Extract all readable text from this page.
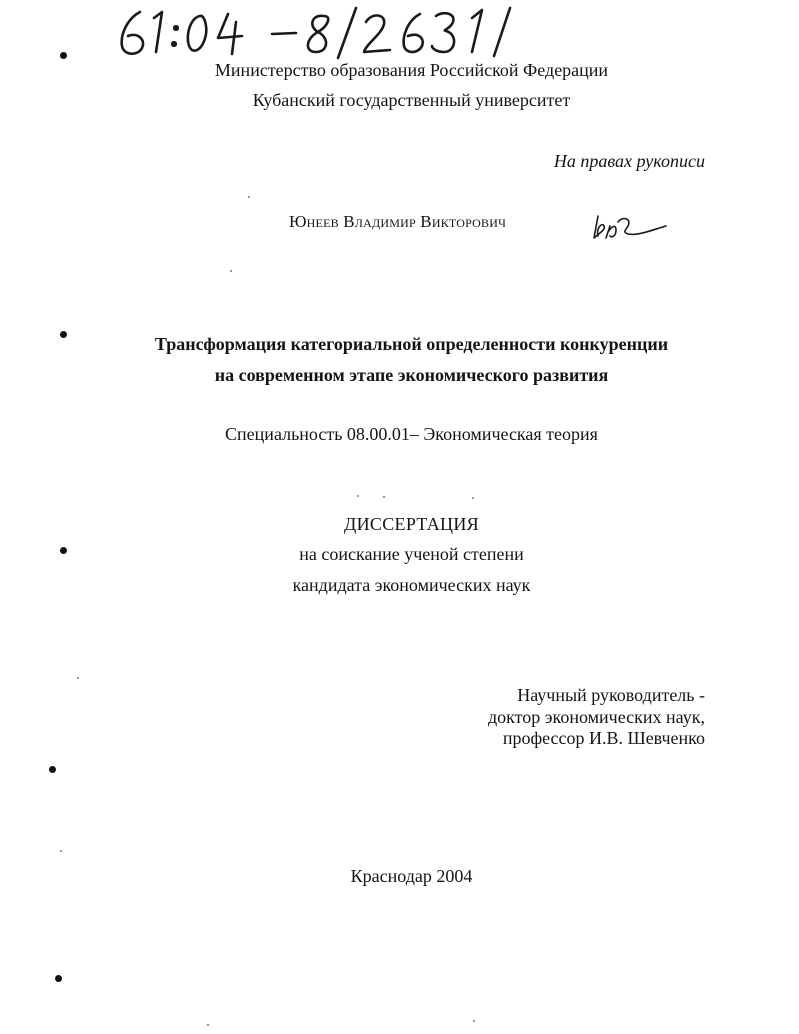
61:04-8/2631
Министерство образования Российской Федерации
Кубанский государственный университет
На правах рукописи
Юнеев Владимир Викторович
Трансформация категориальной определенности конкуренции
на современном этапе экономического развития
Специальность 08.00.01– Экономическая теория
ДИССЕРТАЦИЯ
на соискание ученой степени
кандидата экономических наук
Научный руководитель -
доктор экономических наук,
профессор И.В. Шевченко
Краснодар 2004
